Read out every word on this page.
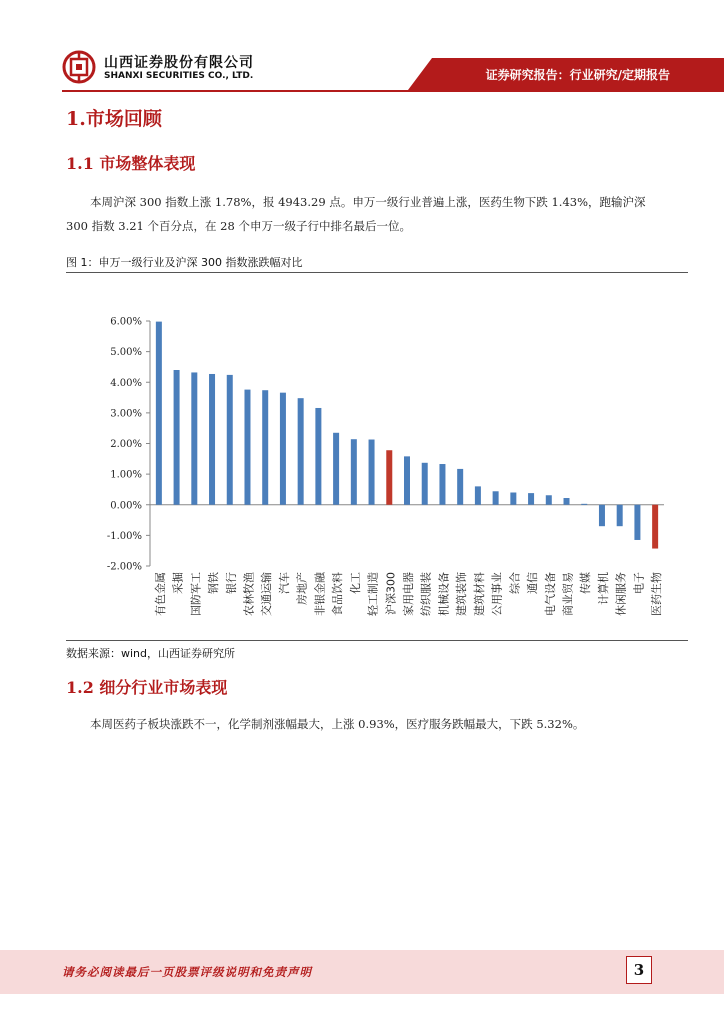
山西证券股份有限公司
SHANXI SECURITIES CO., LTD.	证券研究报告：行业研究/定期报告
1.市场回顾
1.1 市场整体表现
本周沪深 300 指数上涨 1.78%，报 4943.29 点。申万一级行业普遍上涨，医药生物下跌 1.43%，跑输沪深 300 指数 3.21 个百分点，在 28 个申万一级子行中排名最后一位。
图 1：申万一级行业及沪深 300 指数涨跌幅对比
6.00%
5.00%
4.00%
3.00%
2.00%
1.00%
0.00%
-1.00%
-2.00%
有色金属 采掘 国防军工 钢铁 银行 农林牧渔 交通运输 汽车 房地产 非银金融 食品饮料 化工 轻工制造 沪深300 家用电器 纺织服装 机械设备 建筑装饰 建筑材料 公用事业 综合 通信 电气设备 商业贸易 传媒 计算机 休闲服务 电子 医药生物
数据来源：wind，山西证券研究所
1.2 细分行业市场表现
本周医药子板块涨跌不一，化学制剂涨幅最大，上涨 0.93%，医疗服务跌幅最大，下跌 5.32%。
请务必阅读最后一页股票评级说明和免责声明	3
